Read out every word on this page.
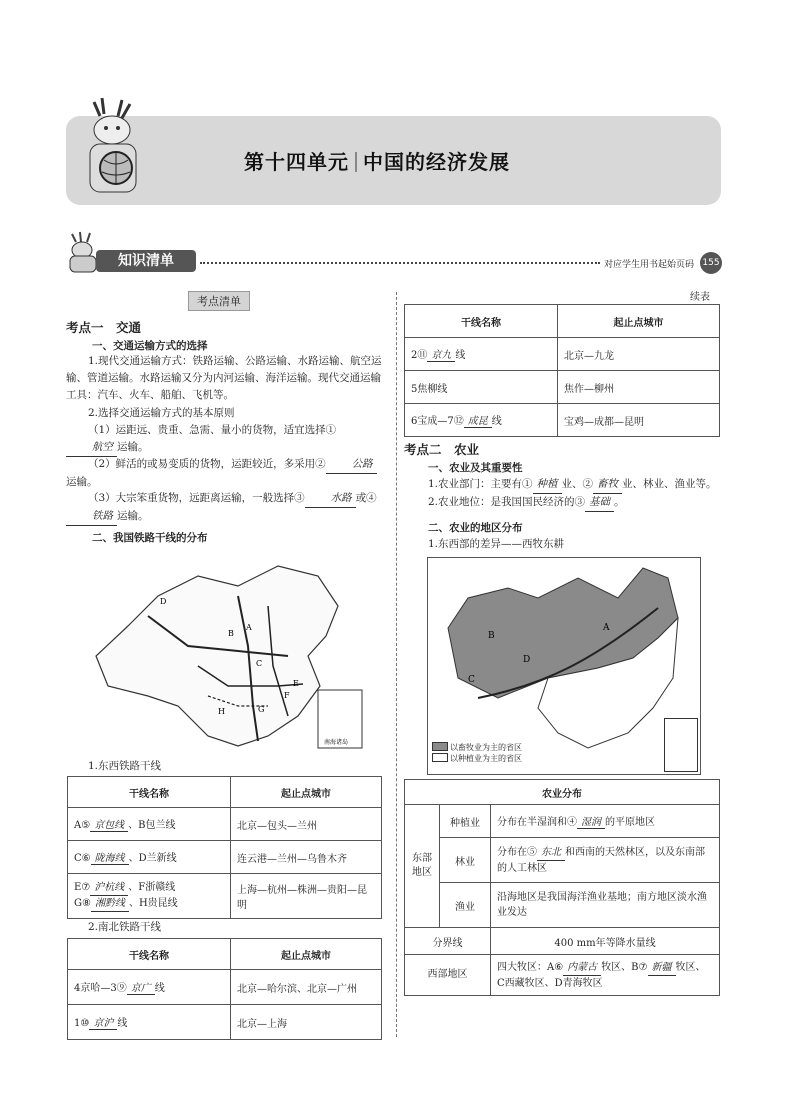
第十四单元 中国的经济发展
知识清单	对应学生用书起始页码 155
考点清单
考点一　交通
一、交通运输方式的选择
1.现代交通运输方式：铁路运输、公路运输、水路运输、航空运输、管道运输。水路运输又分为内河运输、海洋运输。现代交通运输工具：汽车、火车、船舶、飞机等。
2.选择交通运输方式的基本原则
（1）运距远、贵重、急需、量小的货物，适宜选择①航空 运输。
（2）鲜活的或易变质的货物，运距较近，多采用② 公路运输。
（3）大宗笨重货物，远距离运输，一般选择③ 水路 或④铁路 运输。
二、我国铁路干线的分布
D
B
A
C
E
F
G
H
南海诸岛
1.东西铁路干线
干线名称	起止点城市
A⑤ 京包线 、B包兰线	北京—包头—兰州
C⑥ 陇海线 、D兰新线	连云港—兰州—乌鲁木齐
E⑦ 沪杭线 、F浙赣线
G⑧ 湘黔线 、H贵昆线	上海—杭州—株洲—贵阳—昆明
2.南北铁路干线
干线名称	起止点城市
4京哈—3⑨ 京广 线	北京—哈尔滨、北京—广州
1⑩ 京沪 线	北京—上海
续表
干线名称	起止点城市
2⑪ 京九 线	北京—九龙
5焦柳线	焦作—柳州
6宝成—7⑫ 成昆 线	宝鸡—成都—昆明
考点二　农业
一、农业及其重要性
1.农业部门：主要有① 种植 业、② 畜牧 业、林业、渔业等。
2.农业地位：是我国国民经济的③ 基础 。
二、农业的地区分布
1.东西部的差异——西牧东耕
B
A
C
D
以畜牧业为主的省区
以种植业为主的省区
农业分布		
东部地区	种植业	分布在半湿润和④ 湿润 的平原地区
	林业	分布在⑤ 东北 和西南的天然林区，以及东南部的人工林区
	渔业	沿海地区是我国海洋渔业基地；南方地区淡水渔业发达
分界线		400 mm年等降水量线
西部地区		四大牧区：A⑥ 内蒙古 牧区、B⑦ 新疆 牧区、C西藏牧区、D青海牧区
